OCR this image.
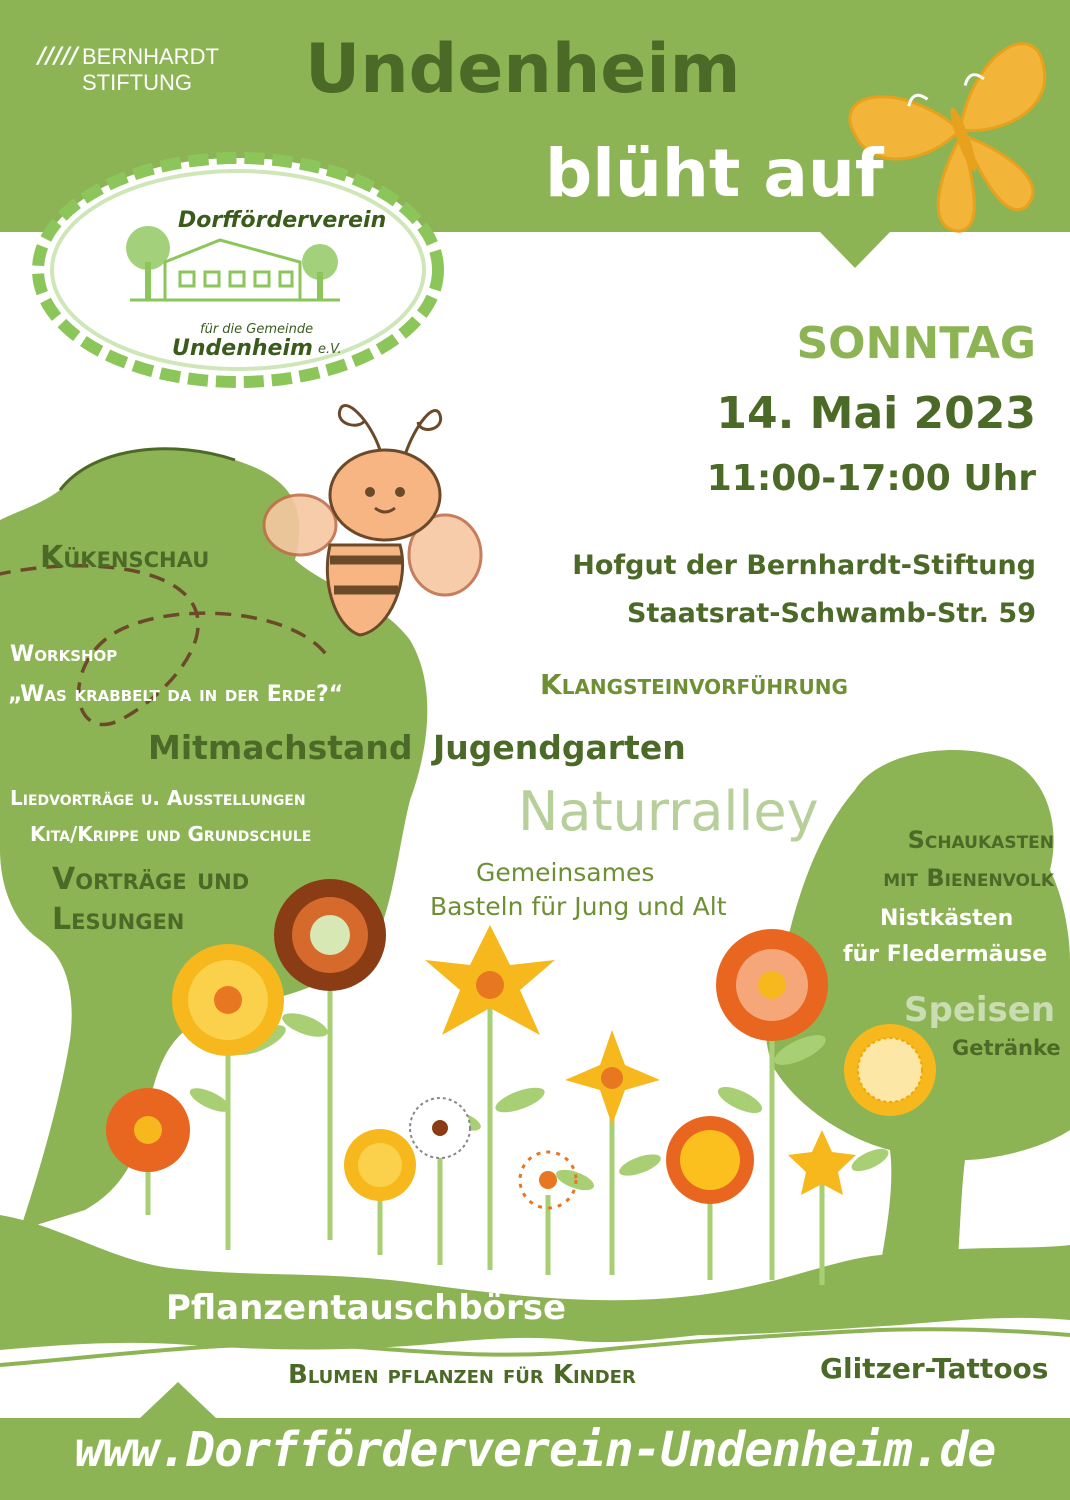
///// BERNHARDT
STIFTUNG Undenheim
blüht auf
Dorfförderverein
für die Gemeinde
Undenheim e.V.	SONNTAG
14. Mai 2023
11:00-17:00 Uhr
Hofgut der Bernhardt-Stiftung
Staatsrat-Schwamb-Str. 59
Kükenschau
Workshop
„Was krabbelt da in der Erde?“	Klangsteinvorführung
Mitmachstand Jugendgarten
Liedvorträge u. Ausstellungen
Kita/Krippe und Grundschule	Naturralley
Vorträge und
Lesungen
Gemeinsames
Basteln für Jung und Alt
Schaukasten
mit Bienenvolk
Nistkästen
für Fledermäuse
Speisen
Getränke
Pflanzentauschbörse
Blumen pflanzen für Kinder	Glitzer-Tattoos
www.Dorfförderverein-Undenheim.de
